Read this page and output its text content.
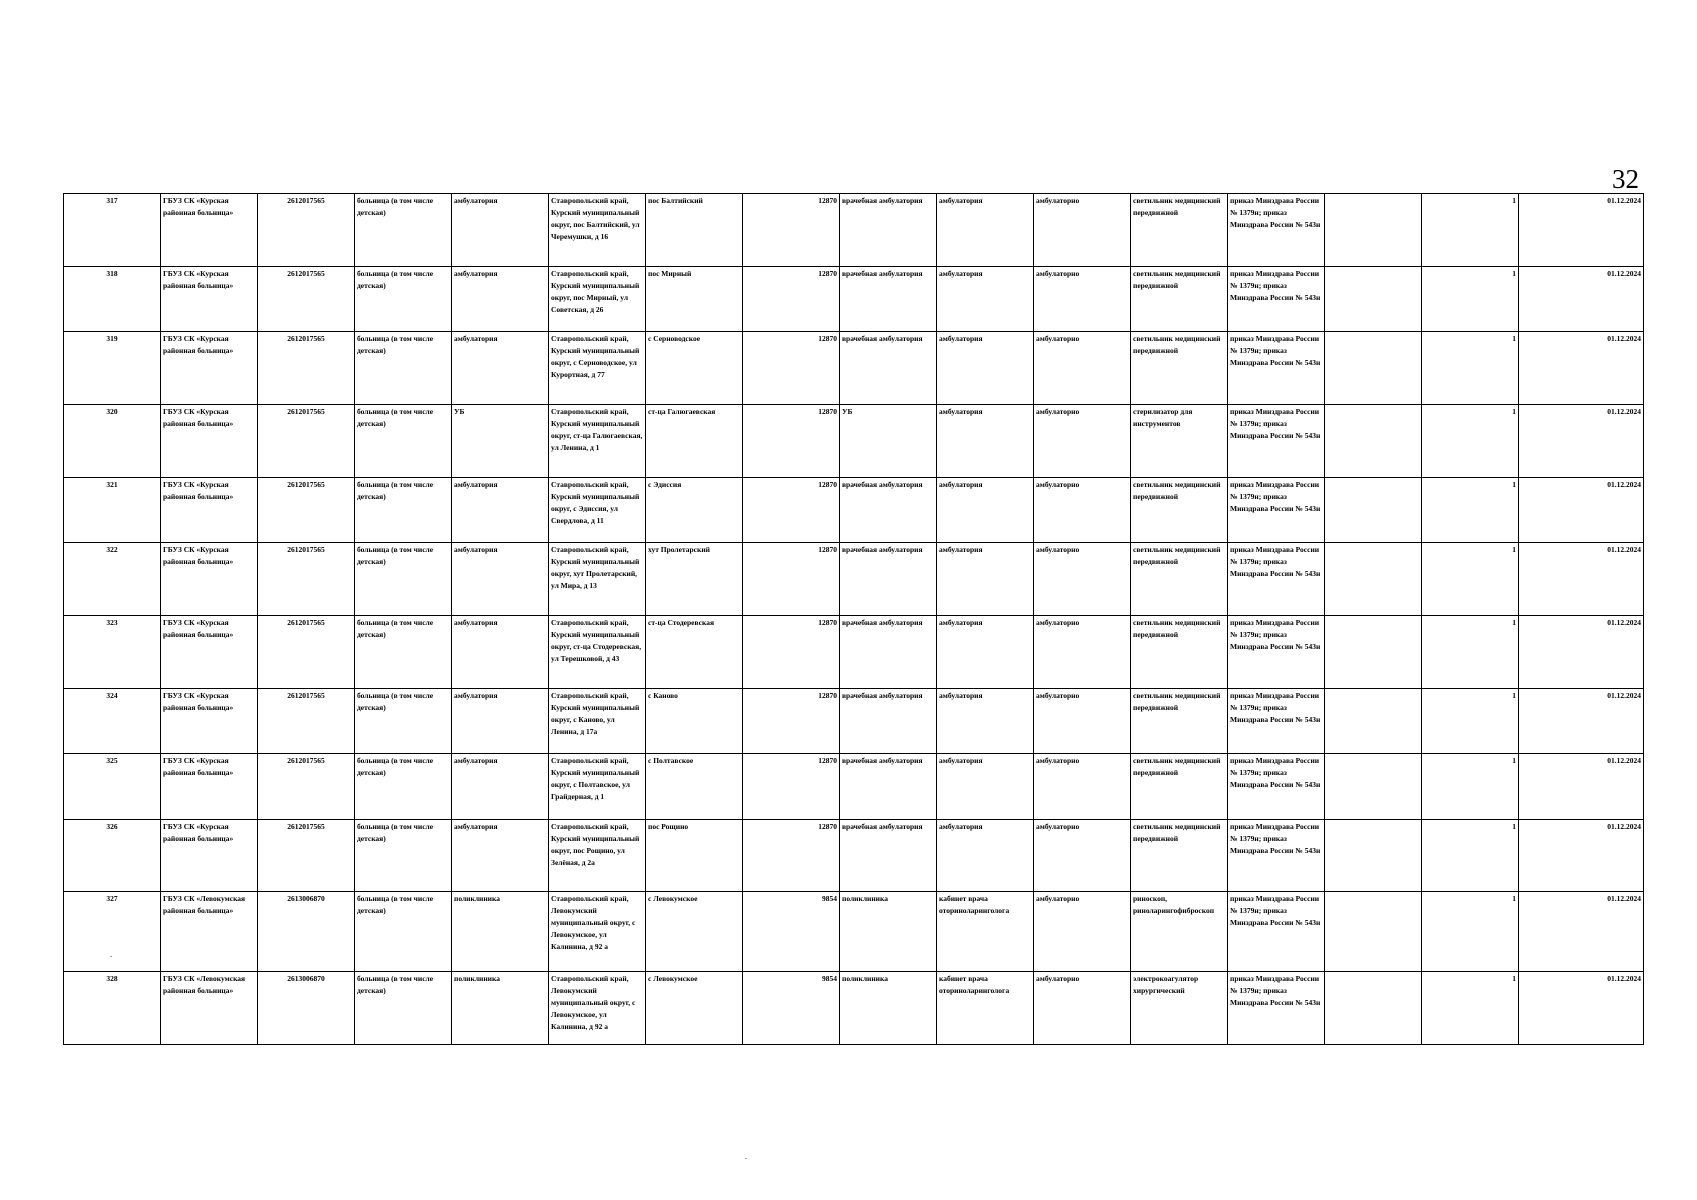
32
317	ГБУЗ СК «Курская районная больница»	2612017565	больница (в том числе детская)	амбулатория	Ставропольский край, Курский муниципальный округ, пос Балтийский, ул Черемушки, д 16	пос Балтийский	12870	врачебная амбулатория	амбулатория	амбулаторно	светильник медицинский передвижной	приказ Минздрава России № 1379н; приказ Минздрава России № 543н		1	01.12.2024
318	ГБУЗ СК «Курская районная больница»	2612017565	больница (в том числе детская)	амбулатория	Ставропольский край, Курский муниципальный округ, пос Мирный, ул Советская, д 26	пос Мирный	12870	врачебная амбулатория	амбулатория	амбулаторно	светильник медицинский передвижной	приказ Минздрава России № 1379н; приказ Минздрава России № 543н		1	01.12.2024
319	ГБУЗ СК «Курская районная больница»	2612017565	больница (в том числе детская)	амбулатория	Ставропольский край, Курский муниципальный округ, с Серноводское, ул Курортная, д 77	с Серноводское	12870	врачебная амбулатория	амбулатория	амбулаторно	светильник медицинский передвижной	приказ Минздрава России № 1379н; приказ Минздрава России № 543н		1	01.12.2024
320	ГБУЗ СК «Курская районная больница»	2612017565	больница (в том числе детская)	УБ	Ставропольский край, Курский муниципальный округ, ст-ца Галюгаевская, ул Ленина, д 1	ст-ца Галюгаевская	12870	УБ	амбулатория	амбулаторно	стерилизатор для инструментов	приказ Минздрава России № 1379н; приказ Минздрава России № 543н		1	01.12.2024
321	ГБУЗ СК «Курская районная больница»	2612017565	больница (в том числе детская)	амбулатория	Ставропольский край, Курский муниципальный округ, с Эдиссия, ул Свердлова, д 11	с Эдиссия	12870	врачебная амбулатория	амбулатория	амбулаторно	светильник медицинский передвижной	приказ Минздрава России № 1379н; приказ Минздрава России № 543н		1	01.12.2024
322	ГБУЗ СК «Курская районная больница»	2612017565	больница (в том числе детская)	амбулатория	Ставропольский край, Курский муниципальный округ, хут Пролетарский, ул Мира, д 13	хут Пролетарский	12870	врачебная амбулатория	амбулатория	амбулаторно	светильник медицинский передвижной	приказ Минздрава России № 1379н; приказ Минздрава России № 543н		1	01.12.2024
323	ГБУЗ СК «Курская районная больница»	2612017565	больница (в том числе детская)	амбулатория	Ставропольский край, Курский муниципальный округ, ст-ца Стодеревская, ул Терешковой, д 43	ст-ца Стодеревская	12870	врачебная амбулатория	амбулатория	амбулаторно	светильник медицинский передвижной	приказ Минздрава России № 1379н; приказ Минздрава России № 543н		1	01.12.2024
324	ГБУЗ СК «Курская районная больница»	2612017565	больница (в том числе детская)	амбулатория	Ставропольский край, Курский муниципальный округ, с Каново, ул Ленина, д 17а	с Каново	12870	врачебная амбулатория	амбулатория	амбулаторно	светильник медицинский передвижной	приказ Минздрава России № 1379н; приказ Минздрава России № 543н		1	01.12.2024
325	ГБУЗ СК «Курская районная больница»	2612017565	больница (в том числе детская)	амбулатория	Ставропольский край, Курский муниципальный округ, с Полтавское, ул Грайдерная, д 1	с Полтавское	12870	врачебная амбулатория	амбулатория	амбулаторно	светильник медицинский передвижной	приказ Минздрава России № 1379н; приказ Минздрава России № 543н		1	01.12.2024
326	ГБУЗ СК «Курская районная больница»	2612017565	больница (в том числе детская)	амбулатория	Ставропольский край, Курский муниципальный округ, пос Рощино, ул Зелёная, д 2а	пос Рощино	12870	врачебная амбулатория	амбулатория	амбулаторно	светильник медицинский передвижной	приказ Минздрава России № 1379н; приказ Минздрава России № 543н		1	01.12.2024
327	ГБУЗ СК «Левокумская районная больница»	2613006870	больница (в том числе детская)	поликлиника	Ставропольский край, Левокумский муниципальный округ, с Левокумское, ул Калинина, д 92 а	с Левокумское	9854	поликлиника	кабинет врача оториноларинголога	амбулаторно	риноскоп, риноларингофиброскоп	приказ Минздрава России № 1379н; приказ Минздрава России № 543н		1	01.12.2024
328	ГБУЗ СК «Левокумская районная больница»	2613006870	больница (в том числе детская)	поликлиника	Ставропольский край, Левокумский муниципальный округ, с Левокумское, ул Калинина, д 92 а	с Левокумское	9854	поликлиника	кабинет врача оториноларинголога	амбулаторно	электрокоагулятор хирургический	приказ Минздрава России № 1379н; приказ Минздрава России № 543н		1	01.12.2024
.
.
